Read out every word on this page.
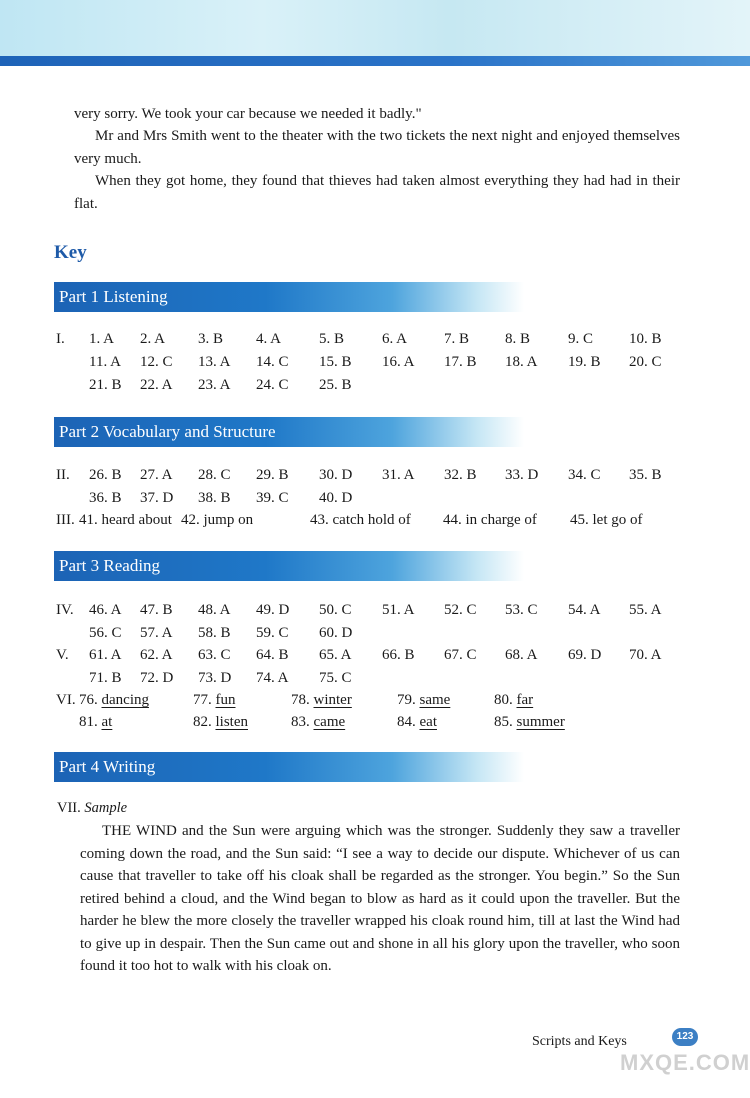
very sorry. We took your car because we needed it badly."

Mr and Mrs Smith went to the theater with the two tickets the next night and enjoyed themselves very much.

When they got home, they found that thieves had taken almost everything they had had in their flat.

Key
Part 1 Listening
Part 2 Vocabulary and Structure
Part 3 Reading
Part 4 Writing
I. 1. A 2. A 3. B 4. A	5. B	6. A 7. B 8. B	9. C 10. B
11. A 12. C 13. A 14. C 15. B 16. A 17. B 18. A 19. B 20. C
21. B 22. A 23. A 24. C 25. B
II. 26. B 27. A 28. C 29. B 30. D 31. A 32. B 33. D 34. C 35. B
36. B 37. D 38. B 39. C 40. D
III. 41. heard about 42. jump on	43. catch hold of 44. in charge of 45. let go of
IV. 46. A 47. B 48. A 49. D 50. C 51. A 52. C 53. C 54. A 55. A
56. C 57. A 58. B 59. C 60. D
V. 61. A 62. A 63. C 64. B 65. A 66. B 67. C 68. A 69. D 70. A
71. B 72. D 73. D 74. A 75. C
VI. 76. dancing	77. fun	78. winter	79. same	80. far
81. at	82. listen	83. came	84. eat	85. summer
VII. Sample

THE WIND and the Sun were arguing which was the stronger. Suddenly they saw a traveller coming down the road, and the Sun said: “I see a way to decide our dispute. Whichever of us can cause that traveller to take off his cloak shall be regarded as the stronger. You begin.” So the Sun retired behind a cloud, and the Wind began to blow as hard as it could upon the traveller. But the harder he blew the more closely the traveller wrapped his cloak round him, till at last the Wind had to give up in despair. Then the Sun came out and shone in all his glory upon the traveller, who soon found it too hot to walk with his cloak on.

Scripts and Keys	123
MXQE.COM
